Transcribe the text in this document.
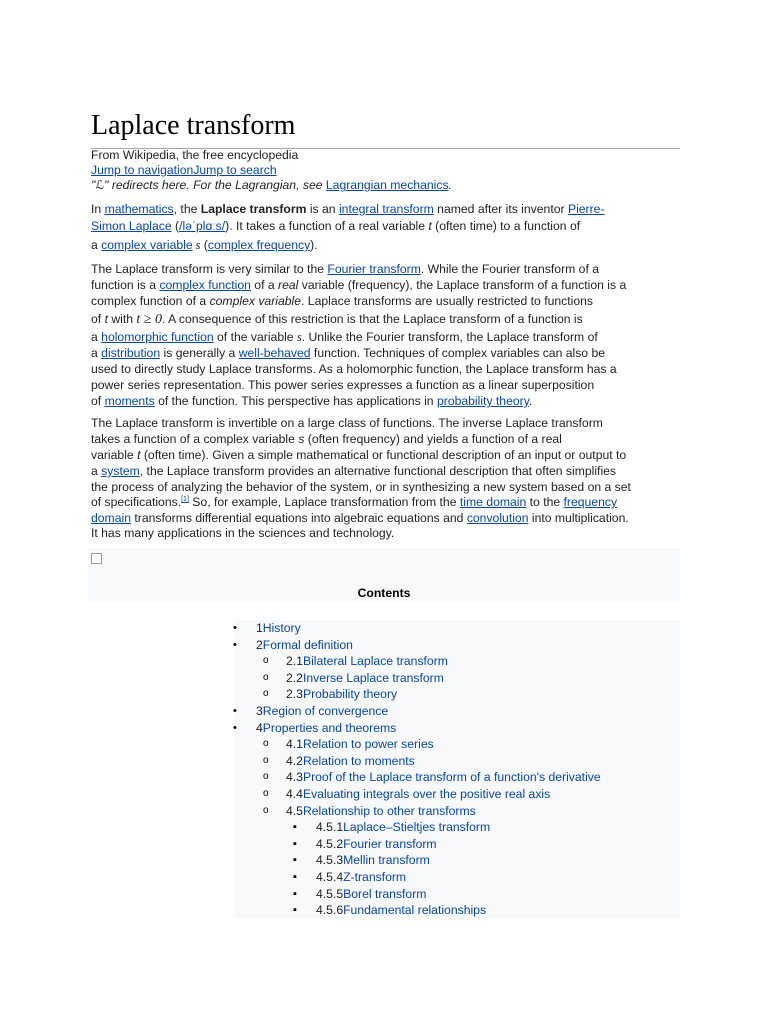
Laplace transform
From Wikipedia, the free encyclopedia
Jump to navigationJump to search
"ℒ" redirects here. For the Lagrangian, see Lagrangian mechanics.
In mathematics, the Laplace transform is an integral transform named after its inventor Pierre-
Simon Laplace (/ləˈplɑːs/). It takes a function of a real variable t (often time) to a function of
a complex variable s (complex frequency).
The Laplace transform is very similar to the Fourier transform. While the Fourier transform of a
function is a complex function of a real variable (frequency), the Laplace transform of a function is a
complex function of a complex variable. Laplace transforms are usually restricted to functions
of t with t ≥ 0. A consequence of this restriction is that the Laplace transform of a function is
a holomorphic function of the variable s. Unlike the Fourier transform, the Laplace transform of
a distribution is generally a well-behaved function. Techniques of complex variables can also be
used to directly study Laplace transforms. As a holomorphic function, the Laplace transform has a
power series representation. This power series expresses a function as a linear superposition
of moments of the function. This perspective has applications in probability theory.
The Laplace transform is invertible on a large class of functions. The inverse Laplace transform
takes a function of a complex variable s (often frequency) and yields a function of a real
variable t (often time). Given a simple mathematical or functional description of an input or output to
a system, the Laplace transform provides an alternative functional description that often simplifies
the process of analyzing the behavior of the system, or in synthesizing a new system based on a set
of specifications.[1] So, for example, Laplace transformation from the time domain to the frequency
domain transforms differential equations into algebraic equations and convolution into multiplication.
It has many applications in the sciences and technology.
Contents
• 1History
• 2Formal definition
o 2.1Bilateral Laplace transform
o 2.2Inverse Laplace transform
o 2.3Probability theory
• 3Region of convergence
• 4Properties and theorems
o 4.1Relation to power series
o 4.2Relation to moments
o 4.3Proof of the Laplace transform of a function's derivative
o 4.4Evaluating integrals over the positive real axis
o 4.5Relationship to other transforms
▪ 4.5.1Laplace–Stieltjes transform
▪ 4.5.2Fourier transform
▪ 4.5.3Mellin transform
▪ 4.5.4Z-transform
▪ 4.5.5Borel transform
▪ 4.5.6Fundamental relationships
